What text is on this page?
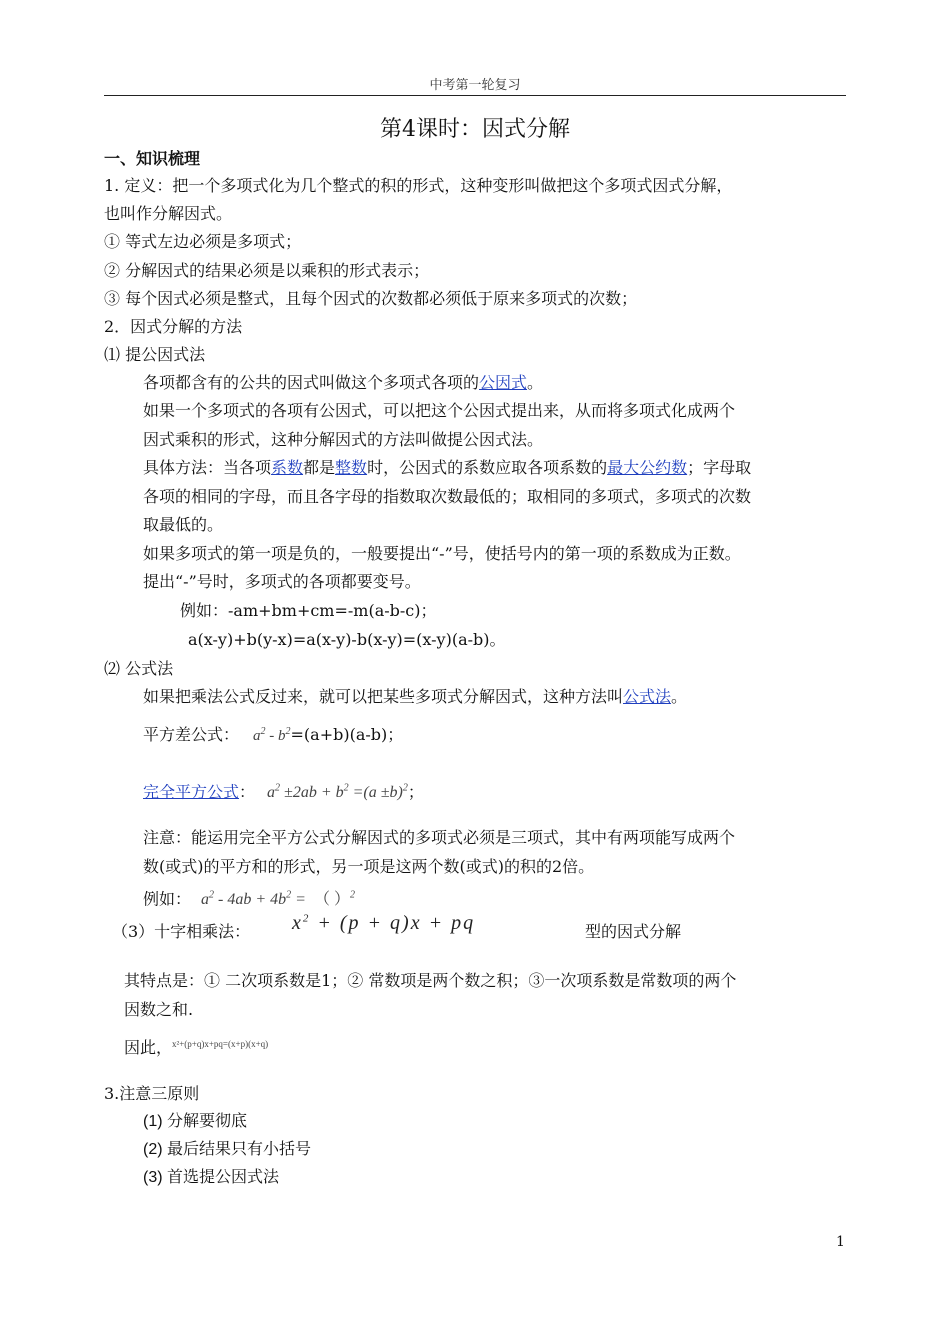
中考第一轮复习
第4课时：因式分解
一、知识梳理
1. 定义：把一个多项式化为几个整式的积的形式，这种变形叫做把这个多项式因式分解，
也叫作分解因式。
① 等式左边必须是多项式；
② 分解因式的结果必须是以乘积的形式表示；
③ 每个因式必须是整式，且每个因式的次数都必须低于原来多项式的次数；
2．因式分解的方法
⑴ 提公因式法
各项都含有的公共的因式叫做这个多项式各项的公因式。
如果一个多项式的各项有公因式，可以把这个公因式提出来，从而将多项式化成两个
因式乘积的形式，这种分解因式的方法叫做提公因式法。
具体方法：当各项系数都是整数时，公因式的系数应取各项系数的最大公约数；字母取
各项的相同的字母，而且各字母的指数取次数最低的；取相同的多项式，多项式的次数
取最低的。
如果多项式的第一项是负的，一般要提出“-”号，使括号内的第一项的系数成为正数。
提出“-”号时，多项式的各项都要变号。
例如：-am+bm+cm=-m(a-b-c)；
a(x-y)+b(y-x)=a(x-y)-b(x-y)=(x-y)(a-b)。
⑵ 公式法
如果把乘法公式反过来，就可以把某些多项式分解因式，这种方法叫公式法。
平方差公式： $a^2 - b^2=(a+b)(a-b)$；
完全平方公式： $a^2 \pm 2ab + b^2 =(a \pm b)^2$；
注意：能运用完全平方公式分解因式的多项式必须是三项式，其中有两项能写成两个
数(或式)的平方和的形式，另一项是这两个数(或式)的积的2倍。
例如： $a^2 - 4ab + 4b^2$ = （ ）$^2$
（3）十字相乘法： $x^2 + (p + q)x$ + pq	型的因式分解
其特点是：① 二次项系数是1；② 常数项是两个数之积；③一次项系数是常数项的两个
因数之和.
因此，$^{x^2+(p+q)x+pq=(x+p)(x+q)}$
3.注意三原则
(1) 分解要彻底
(2) 最后结果只有小括号
(3) 首选提公因式法
1
